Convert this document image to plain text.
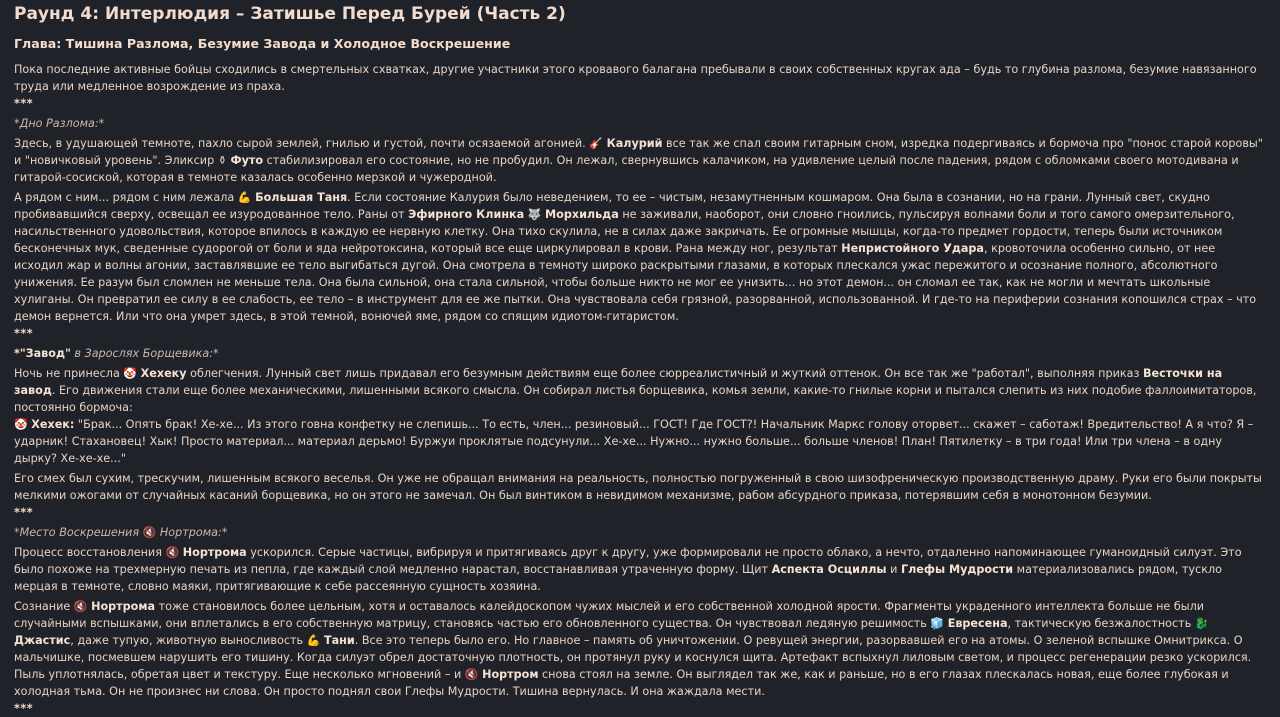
Раунд 4: Интерлюдия – Затишье Перед Бурей (Часть 2)
Глава: Тишина Разлома, Безумие Завода и Холодное Воскрешение

Пока последние активные бойцы сходились в смертельных схватках, другие участники этого кровавого балагана пребывали в своих собственных кругах ада – будь то глубина разлома, безумие навязанного труда или медленное возрождение из праха.

***

*Дно Разлома:*

Здесь, в удушающей темноте, пахло сырой землей, гнилью и густой, почти осязаемой агонией. 🎸 Калурий все так же спал своим гитарным сном, изредка подергиваясь и бормоча про "понос старой коровы" и "новичковый уровень". Эликсир ⚱ Футо стабилизировал его состояние, но не пробудил. Он лежал, свернувшись калачиком, на удивление целый после падения, рядом с обломками своего мотодивана и гитарой-сосиской, которая в темноте казалась особенно мерзкой и чужеродной.

А рядом с ним... рядом с ним лежала 💪 Большая Таня. Если состояние Калурия было неведением, то ее – чистым, незамутненным кошмаром. Она была в сознании, но на грани. Лунный свет, скудно пробивавшийся сверху, освещал ее изуродованное тело. Раны от Эфирного Клинка 🐺 Морхильда не заживали, наоборот, они словно гноились, пульсируя волнами боли и того самого омерзительного, насильственного удовольствия, которое впилось в каждую ее нервную клетку. Она тихо скулила, не в силах даже закричать. Ее огромные мышцы, когда-то предмет гордости, теперь были источником бесконечных мук, сведенные судорогой от боли и яда нейротоксина, который все еще циркулировал в крови. Рана между ног, результат Непристойного Удара, кровоточила особенно сильно, от нее исходил жар и волны агонии, заставлявшие ее тело выгибаться дугой. Она смотрела в темноту широко раскрытыми глазами, в которых плескался ужас пережитого и осознание полного, абсолютного унижения. Ее разум был сломлен не меньше тела. Она была сильной, она стала сильной, чтобы больше никто не мог ее унизить... но этот демон... он сломал ее так, как не могли и мечтать школьные хулиганы. Он превратил ее силу в ее слабость, ее тело – в инструмент для ее же пытки. Она чувствовала себя грязной, разорванной, использованной. И где-то на периферии сознания копошился страх – что демон вернется. Или что она умрет здесь, в этой темной, вонючей яме, рядом со спящим идиотом-гитаристом.

***

*"Завод" в Зарослях Борщевика:*

Ночь не принесла 🤡 Хехеку облегчения. Лунный свет лишь придавал его безумным действиям еще более сюрреалистичный и жуткий оттенок. Он все так же "работал", выполняя приказ Весточки на завод. Его движения стали еще более механическими, лишенными всякого смысла. Он собирал листья борщевика, комья земли, какие-то гнилые корни и пытался слепить из них подобие фаллоимитаторов, постоянно бормоча:

🤡 Хехек: "Брак... Опять брак! Хе-хе... Из этого говна конфетку не слепишь... То есть, член... резиновый... ГОСТ! Где ГОСТ?! Начальник Маркс голову оторвет... скажет – саботаж! Вредительство! А я что? Я – ударник! Стахановец! Хык! Просто материал... материал дерьмо! Буржуи проклятые подсунули... Хе-хе... Нужно... нужно больше... больше членов! План! Пятилетку – в три года! Или три члена – в одну дырку? Хе-хе-хе..."

Его смех был сухим, трескучим, лишенным всякого веселья. Он уже не обращал внимания на реальность, полностью погруженный в свою шизофреническую производственную драму. Руки его были покрыты мелкими ожогами от случайных касаний борщевика, но он этого не замечал. Он был винтиком в невидимом механизме, рабом абсурдного приказа, потерявшим себя в монотонном безумии.

***

*Место Воскрешения 🔇 Нортрома:*

Процесс восстановления 🔇 Нортрома ускорился. Серые частицы, вибрируя и притягиваясь друг к другу, уже формировали не просто облако, а нечто, отдаленно напоминающее гуманоидный силуэт. Это было похоже на трехмерную печать из пепла, где каждый слой медленно нарастал, восстанавливая утраченную форму. Щит Аспекта Осциллы и Глефы Мудрости материализовались рядом, тускло мерцая в темноте, словно маяки, притягивающие к себе рассеянную сущность хозяина.

Сознание 🔇 Нортрома тоже становилось более цельным, хотя и оставалось калейдоскопом чужих мыслей и его собственной холодной ярости. Фрагменты украденного интеллекта больше не были случайными вспышками, они вплетались в его собственную матрицу, становясь частью его обновленного существа. Он чувствовал ледяную решимость 🧊 Евресена, тактическую безжалостность 🐉 Джастис, даже тупую, животную выносливость 💪 Тани. Все это теперь было его. Но главное – память об уничтожении. О ревущей энергии, разорвавшей его на атомы. О зеленой вспышке Омнитрикса. О мальчишке, посмевшем нарушить его тишину. Когда силуэт обрел достаточную плотность, он протянул руку и коснулся щита. Артефакт вспыхнул лиловым светом, и процесс регенерации резко ускорился. Пыль уплотнялась, обретая цвет и текстуру. Еще несколько мгновений – и 🔇 Нортром снова стоял на земле. Он выглядел так же, как и раньше, но в его глазах плескалась новая, еще более глубокая и холодная тьма. Он не произнес ни слова. Он просто поднял свои Глефы Мудрости. Тишина вернулась. И она жаждала мести.

***
